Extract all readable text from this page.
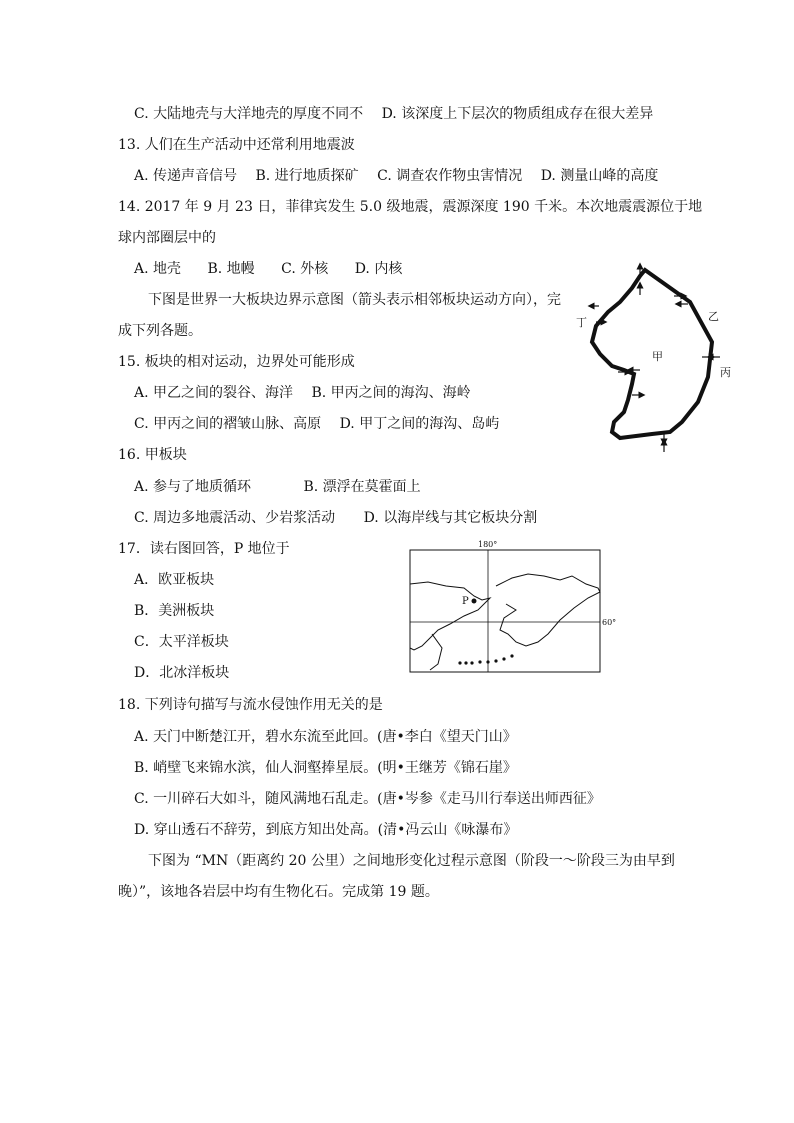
C. 大陆地壳与大洋地壳的厚度不同不 D. 该深度上下层次的物质组成存在很大差异
13. 人们在生产活动中还常利用地震波
A. 传递声音信号 B. 进行地质探矿 C. 调查农作物虫害情况 D. 测量山峰的高度
14. 2017 年 9 月 23 日，菲律宾发生 5.0 级地震，震源深度 190 千米。本次地震震源位于地
球内部圈层中的
A. 地壳 B. 地幔 C. 外核 D. 内核
下图是世界一大板块边界示意图（箭头表示相邻板块运动方向），完
成下列各题。
甲
乙
丙
丁
15. 板块的相对运动，边界处可能形成
A. 甲乙之间的裂谷、海洋 B. 甲丙之间的海沟、海岭
C. 甲丙之间的褶皱山脉、高原 D. 甲丁之间的海沟、岛屿
16. 甲板块
A. 参与了地质循环	B. 漂浮在莫霍面上
C. 周边多地震活动、少岩浆活动 D. 以海岸线与其它板块分割
17．读右图回答，P 地位于
A．欧亚板块
B．美洲板块
C．太平洋板块
D．北冰洋板块
180°
60°
P
18. 下列诗句描写与流水侵蚀作用无关的是
A. 天门中断楚江开，碧水东流至此回。(唐•李白《望天门山》
B. 峭壁飞来锦水滨，仙人洞壑捧星辰。(明•王继芳《锦石崖》
C. 一川碎石大如斗，随风满地石乱走。(唐•岑参《走马川行奉送出师西征》
D. 穿山透石不辞劳，到底方知出处高。(清•冯云山《咏瀑布》
下图为 “MN（距离约 20 公里）之间地形变化过程示意图（阶段一～阶段三为由早到
晚）”，该地各岩层中均有生物化石。完成第 19 题。
